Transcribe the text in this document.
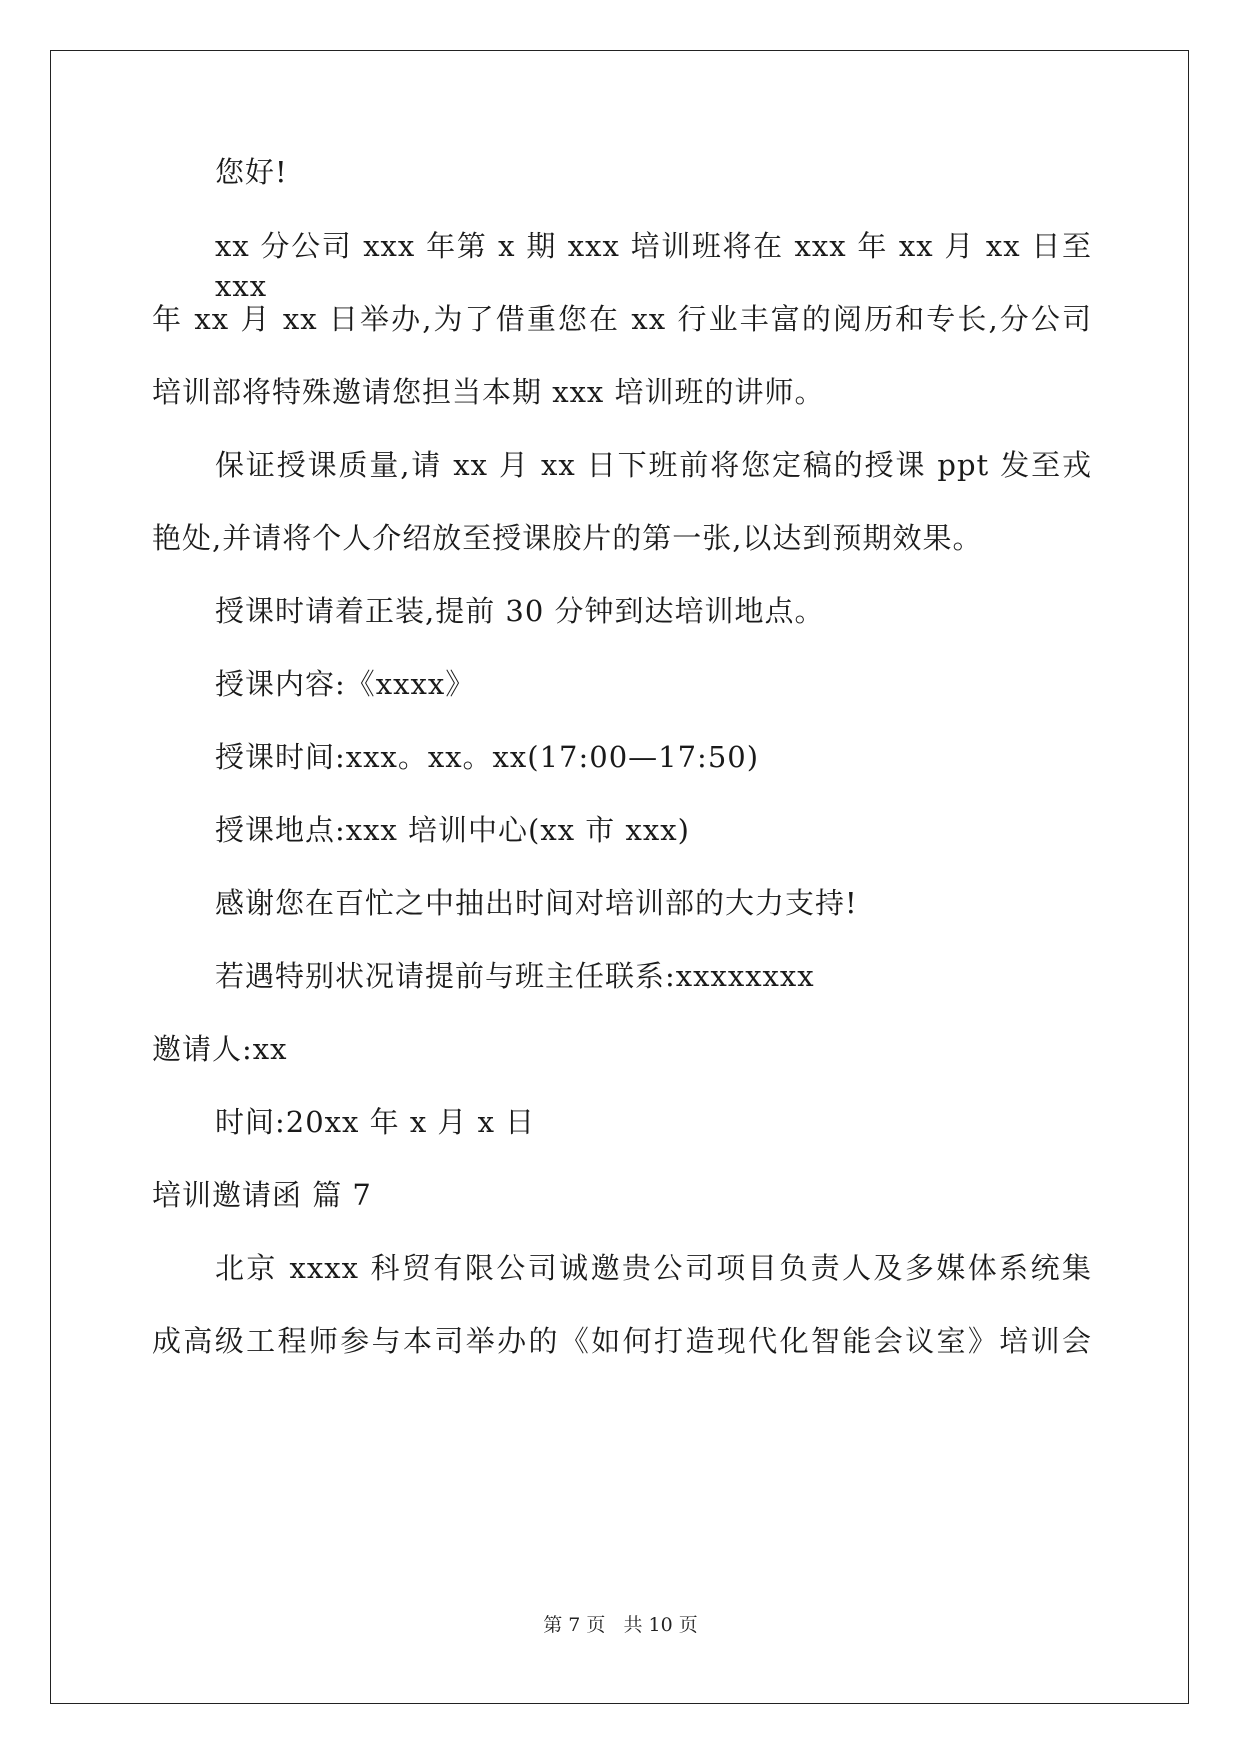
您好!
xx 分公司 xxx 年第 x 期 xxx 培训班将在 xxx 年 xx 月 xx 日至 xxx
年 xx 月 xx 日举办,为了借重您在 xx 行业丰富的阅历和专长,分公司
培训部将特殊邀请您担当本期 xxx 培训班的讲师。
保证授课质量,请 xx 月 xx 日下班前将您定稿的授课 ppt 发至戎
艳处,并请将个人介绍放至授课胶片的第一张,以达到预期效果。
授课时请着正装,提前 30 分钟到达培训地点。
授课内容:《xxxx》
授课时间:xxx。xx。xx(17:00—17:50)
授课地点:xxx 培训中心(xx 市 xxx)
感谢您在百忙之中抽出时间对培训部的大力支持!
若遇特别状况请提前与班主任联系:xxxxxxxx
邀请人:xx
时间:20xx 年 x 月 x 日
培训邀请函 篇 7
北京 xxxx 科贸有限公司诚邀贵公司项目负责人及多媒体系统集
成高级工程师参与本司举办的《如何打造现代化智能会议室》培训会
第 7 页 共 10 页
